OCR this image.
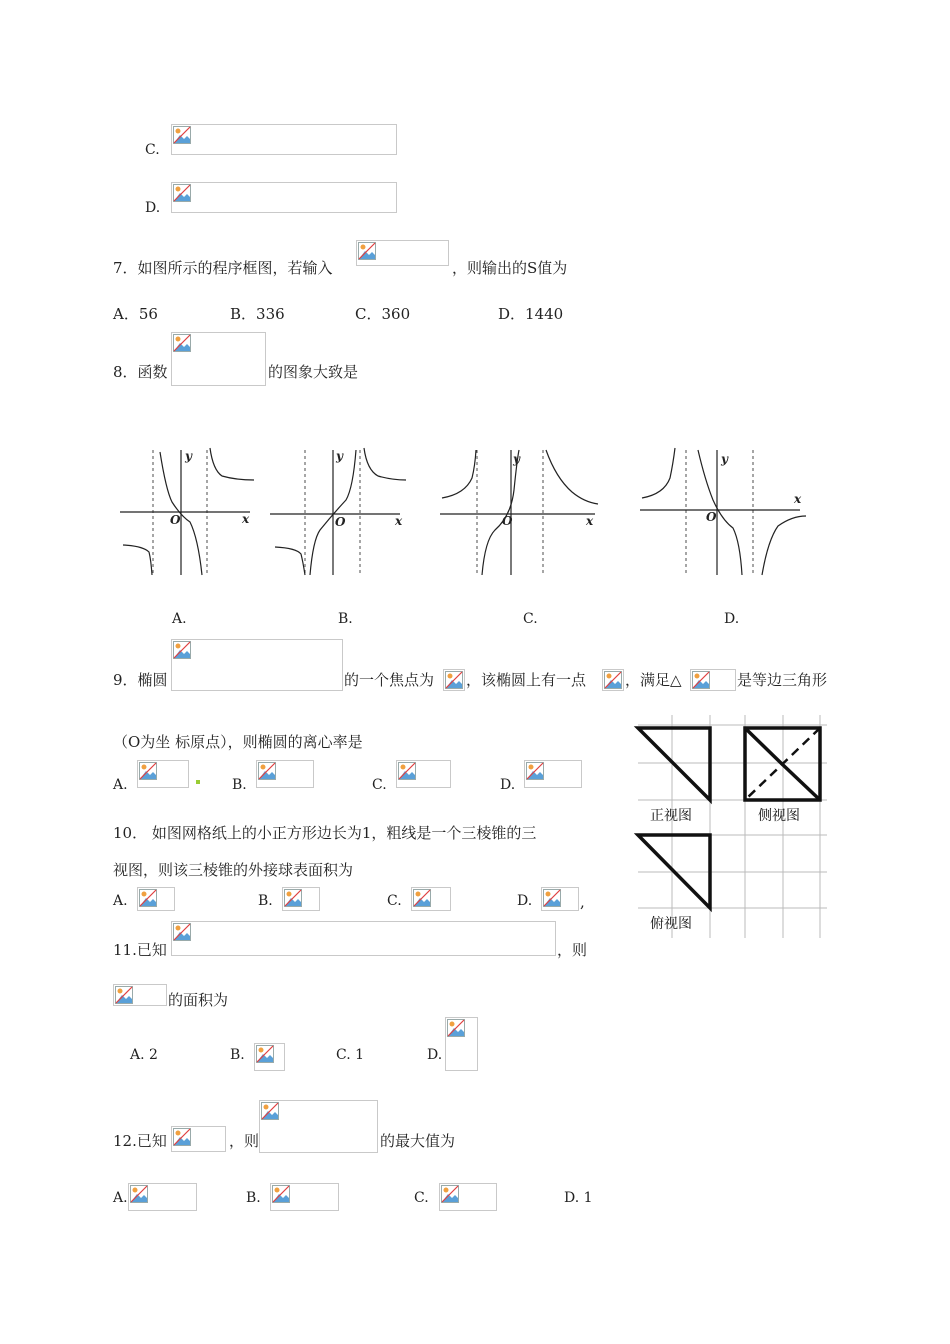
C.
D.
7．如图所示的程序框图，若输入	，则输出的S值为
A．56	B．336	C．360	D．1440
8．函数	的图象大致是
x
y
O	x
y
O	x
y
O
x
y
O
A.	B.	C.	D.
9．椭圆	的一个焦点为 ，该椭圆上有一点	，满足△	是等边三角形
（O为坐 标原点），则椭圆的离心率是
A.	B.	C.	D.
正视图	侧视图
俯视图
10． 如图网格纸上的小正方形边长为1，粗线是一个三棱锥的三
视图，则该三棱锥的外接球表面积为
A.	B.	C.	D.	,
11.已知	，则
的面积为
A. 2	B.	C. 1	D.
12.已知	，则	的最大值为
A.	B.	C.	D. 1
